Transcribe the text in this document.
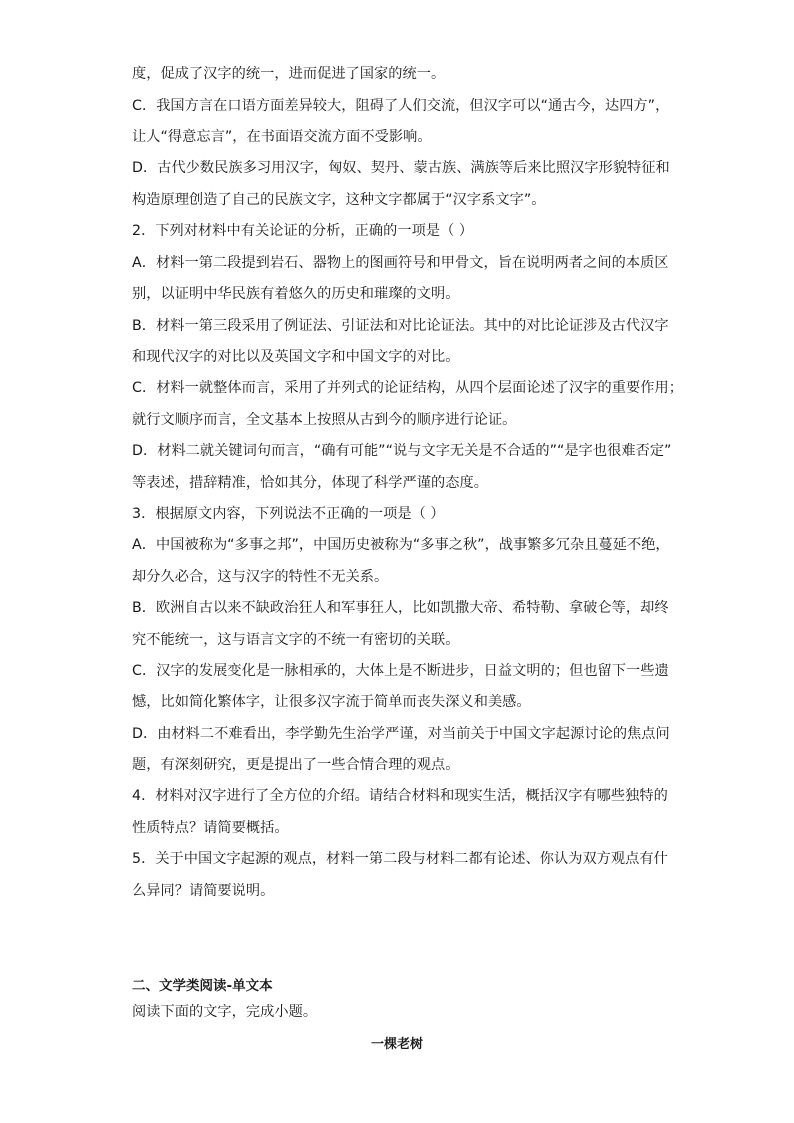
度，促成了汉字的统一，进而促进了国家的统一。
C．我国方言在口语方面差异较大，阻碍了人们交流，但汉字可以“通古今，达四方”，
让人“得意忘言”，在书面语交流方面不受影响。
D．古代少数民族多习用汉字，匈奴、契丹、蒙古族、满族等后来比照汉字形貌特征和
构造原理创造了自己的民族文字，这种文字都属于“汉字系文字”。
2．下列对材料中有关论证的分析，正确的一项是（ ）
A．材料一第二段提到岩石、器物上的图画符号和甲骨文，旨在说明两者之间的本质区
别，以证明中华民族有着悠久的历史和璀璨的文明。
B．材料一第三段采用了例证法、引证法和对比论证法。其中的对比论证涉及古代汉字
和现代汉字的对比以及英国文字和中国文字的对比。
C．材料一就整体而言，采用了并列式的论证结构，从四个层面论述了汉字的重要作用；
就行文顺序而言，全文基本上按照从古到今的顺序进行论证。
D．材料二就关键词句而言，“确有可能”“说与文字无关是不合适的”“是字也很难否定”
等表述，措辞精准，恰如其分，体现了科学严谨的态度。
3．根据原文内容，下列说法不正确的一项是（ ）
A．中国被称为“多事之邦”，中国历史被称为“多事之秋”，战事繁多冗杂且蔓延不绝，
却分久必合，这与汉字的特性不无关系。
B．欧洲自古以来不缺政治狂人和军事狂人，比如凯撒大帝、希特勒、拿破仑等，却终
究不能统一，这与语言文字的不统一有密切的关联。
C．汉字的发展变化是一脉相承的，大体上是不断进步，日益文明的；但也留下一些遗
憾，比如简化繁体字，让很多汉字流于简单而丧失深义和美感。
D．由材料二不难看出，李学勤先生治学严谨，对当前关于中国文字起源讨论的焦点问
题，有深刻研究，更是提出了一些合情合理的观点。
4．材料对汉字进行了全方位的介绍。请结合材料和现实生活，概括汉字有哪些独特的
性质特点？请简要概括。
5．关于中国文字起源的观点，材料一第二段与材料二都有论述、你认为双方观点有什
么异同？请简要说明。
二、文学类阅读-单文本
阅读下面的文字，完成小题。
一棵老树
